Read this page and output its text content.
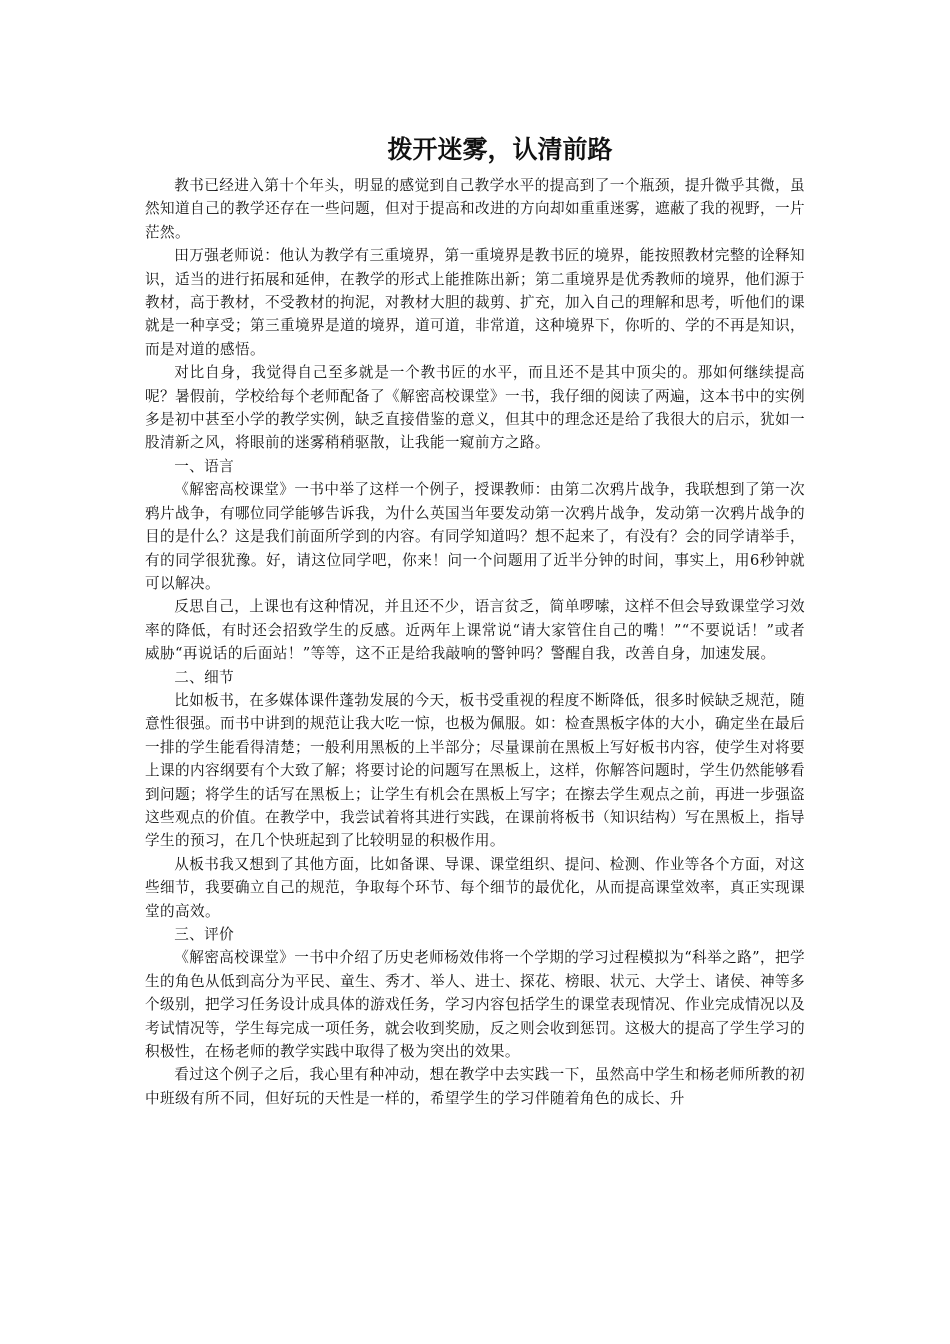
拨开迷雾，认清前路

教书已经进入第十个年头，明显的感觉到自己教学水平的提高到了一个瓶颈，提升微乎其微，虽然知道自己的教学还存在一些问题，但对于提高和改进的方向却如重重迷雾，遮蔽了我的视野，一片茫然。

田万强老师说：他认为教学有三重境界，第一重境界是教书匠的境界，能按照教材完整的诠释知识，适当的进行拓展和延伸，在教学的形式上能推陈出新；第二重境界是优秀教师的境界，他们源于教材，高于教材，不受教材的拘泥，对教材大胆的裁剪、扩充，加入自己的理解和思考，听他们的课就是一种享受；第三重境界是道的境界，道可道，非常道，这种境界下，你听的、学的不再是知识，而是对道的感悟。

对比自身，我觉得自己至多就是一个教书匠的水平，而且还不是其中顶尖的。那如何继续提高呢？暑假前，学校给每个老师配备了《解密高校课堂》一书，我仔细的阅读了两遍，这本书中的实例多是初中甚至小学的教学实例，缺乏直接借鉴的意义，但其中的理念还是给了我很大的启示，犹如一股清新之风，将眼前的迷雾稍稍驱散，让我能一窥前方之路。

一、语言

《解密高校课堂》一书中举了这样一个例子，授课教师：由第二次鸦片战争，我联想到了第一次鸦片战争，有哪位同学能够告诉我，为什么英国当年要发动第一次鸦片战争，发动第一次鸦片战争的目的是什么？这是我们前面所学到的内容。有同学知道吗？想不起来了，有没有？会的同学请举手，有的同学很犹豫。好，请这位同学吧，你来！问一个问题用了近半分钟的时间，事实上，用6秒钟就可以解决。

反思自己，上课也有这种情况，并且还不少，语言贫乏，简单啰嗦，这样不但会导致课堂学习效率的降低，有时还会招致学生的反感。近两年上课常说“请大家管住自己的嘴！”“不要说话！”或者威胁“再说话的后面站！”等等，这不正是给我敲响的警钟吗？警醒自我，改善自身，加速发展。

二、细节

比如板书，在多媒体课件蓬勃发展的今天，板书受重视的程度不断降低，很多时候缺乏规范，随意性很强。而书中讲到的规范让我大吃一惊，也极为佩服。如：检查黑板字体的大小，确定坐在最后一排的学生能看得清楚；一般利用黑板的上半部分；尽量课前在黑板上写好板书内容，使学生对将要上课的内容纲要有个大致了解；将要讨论的问题写在黑板上，这样，你解答问题时，学生仍然能够看到问题；将学生的话写在黑板上；让学生有机会在黑板上写字；在擦去学生观点之前，再进一步强盗这些观点的价值。在教学中，我尝试着将其进行实践，在课前将板书（知识结构）写在黑板上，指导学生的预习，在几个快班起到了比较明显的积极作用。

从板书我又想到了其他方面，比如备课、导课、课堂组织、提问、检测、作业等各个方面，对这些细节，我要确立自己的规范，争取每个环节、每个细节的最优化，从而提高课堂效率，真正实现课堂的高效。

三、评价

《解密高校课堂》一书中介绍了历史老师杨效伟将一个学期的学习过程模拟为“科举之路”，把学生的角色从低到高分为平民、童生、秀才、举人、进士、探花、榜眼、状元、大学士、诸侯、神等多个级别，把学习任务设计成具体的游戏任务，学习内容包括学生的课堂表现情况、作业完成情况以及考试情况等，学生每完成一项任务，就会收到奖励，反之则会收到惩罚。这极大的提高了学生学习的积极性，在杨老师的教学实践中取得了极为突出的效果。

看过这个例子之后，我心里有种冲动，想在教学中去实践一下，虽然高中学生和杨老师所教的初中班级有所不同，但好玩的天性是一样的，希望学生的学习伴随着角色的成长、升
